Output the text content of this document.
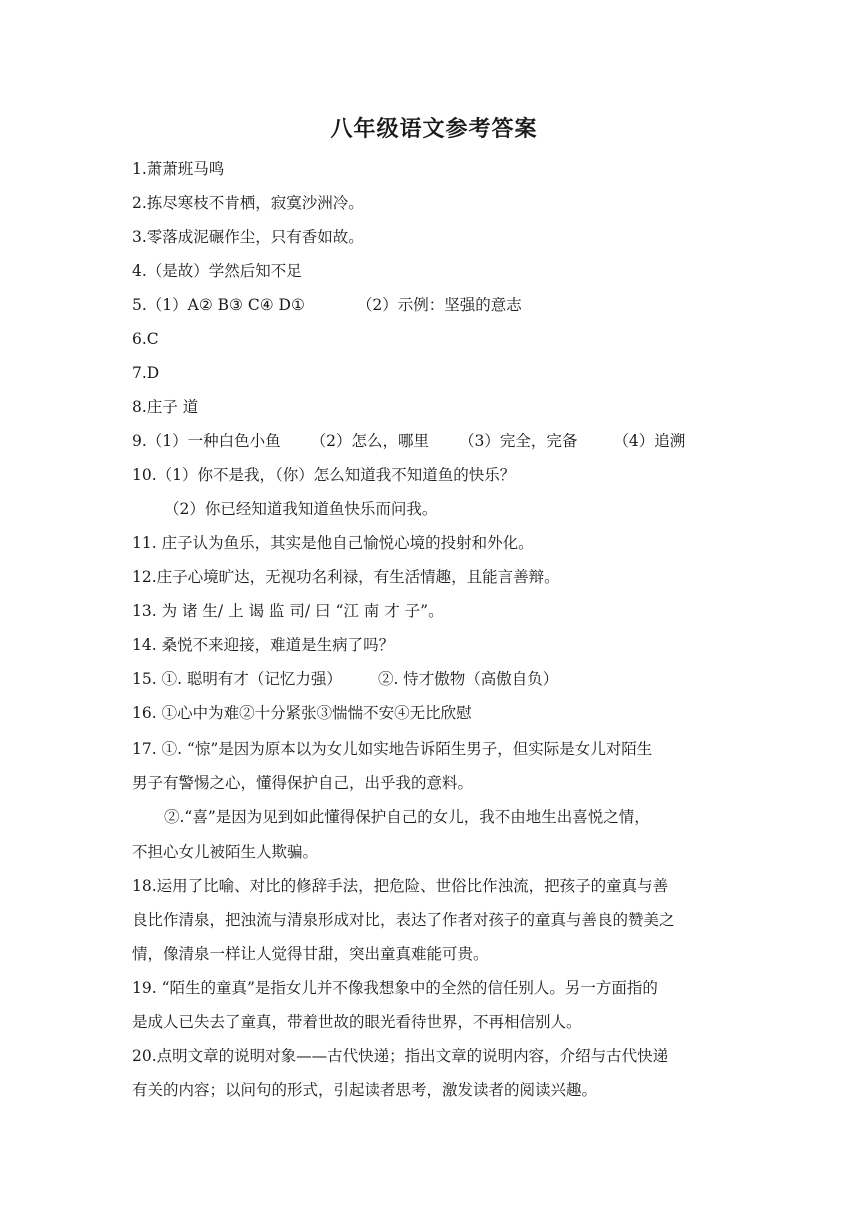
八年级语文参考答案
1.萧萧班马鸣
2.拣尽寒枝不肯栖，寂寞沙洲冷。
3.零落成泥碾作尘，只有香如故。
4.（是故）学然后知不足
5.（1）A② B③ C④ D①	（2）示例：坚强的意志
6.C
7.D
8.庄子 道
9.（1）一种白色小鱼 （2）怎么，哪里 （3）完全，完备 （4）追溯
10.（1）你不是我，（你）怎么知道我不知道鱼的快乐？
（2）你已经知道我知道鱼快乐而问我。
11. 庄子认为鱼乐，其实是他自己愉悦心境的投射和外化。
12.庄子心境旷达，无视功名利禄，有生活情趣，且能言善辩。
13. 为 诸 生/ 上 谒 监 司/ 曰 “江 南 才 子”。
14. 桑悦不来迎接，难道是生病了吗？
15. ①. 聪明有才（记忆力强） ②. 恃才傲物（高傲自负）
16. ①心中为难②十分紧张③惴惴不安④无比欣慰
17. ①. “惊”是因为原本以为女儿如实地告诉陌生男子，但实际是女儿对陌生
男子有警惕之心，懂得保护自己，出乎我的意料。
②.“喜”是因为见到如此懂得保护自己的女儿，我不由地生出喜悦之情，
不担心女儿被陌生人欺骗。
18.运用了比喻、对比的修辞手法，把危险、世俗比作浊流，把孩子的童真与善
良比作清泉，把浊流与清泉形成对比，表达了作者对孩子的童真与善良的赞美之
情，像清泉一样让人觉得甘甜，突出童真难能可贵。
19. “陌生的童真”是指女儿并不像我想象中的全然的信任别人。另一方面指的
是成人已失去了童真，带着世故的眼光看待世界，不再相信别人。
20.点明文章的说明对象——古代快递；指出文章的说明内容，介绍与古代快递
有关的内容；以问句的形式，引起读者思考，激发读者的阅读兴趣。
